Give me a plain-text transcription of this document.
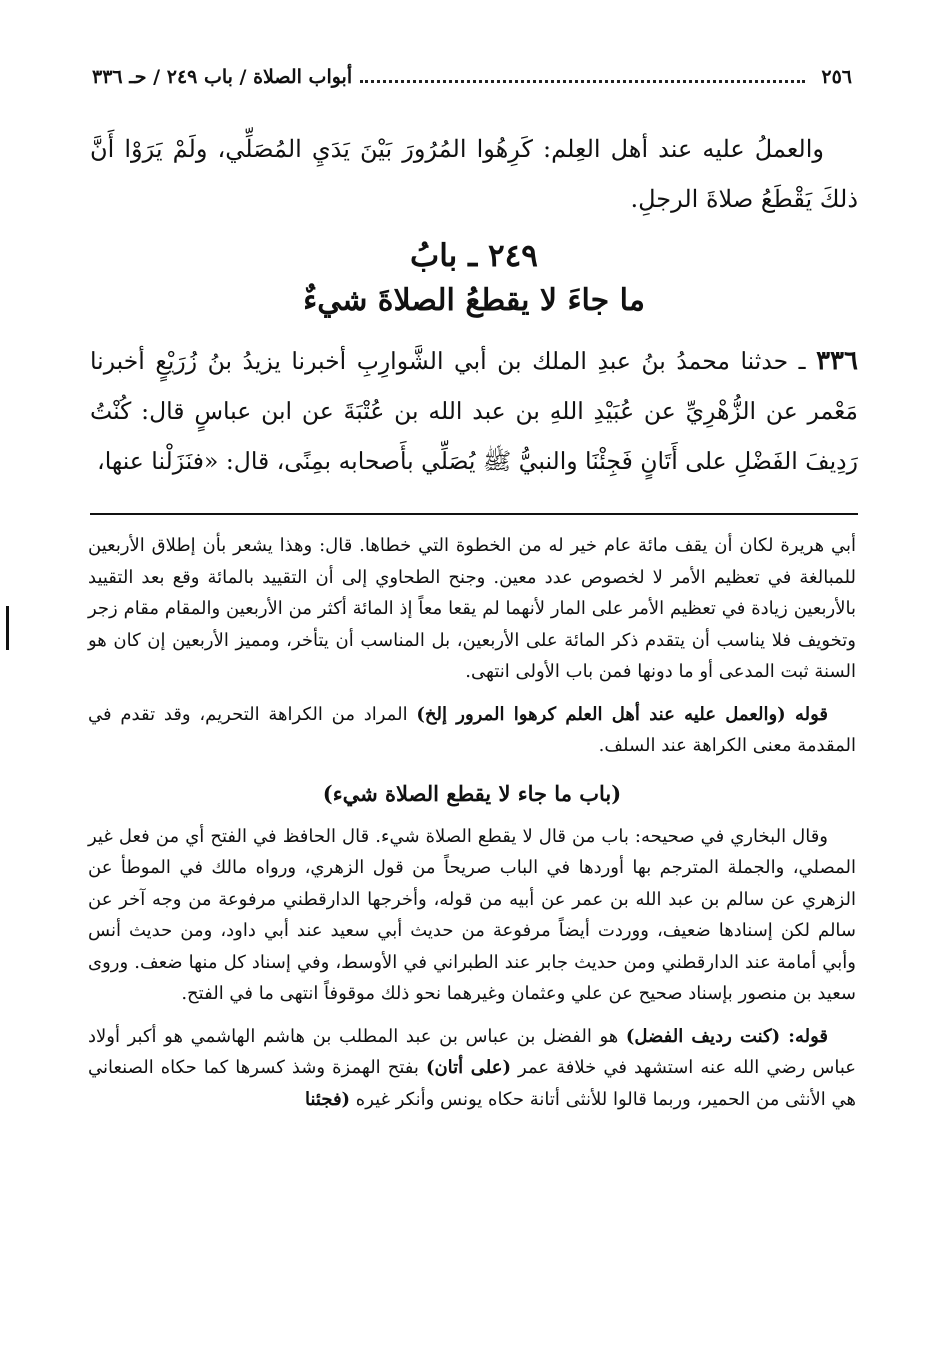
٢٥٦
أبواب الصلاة / باب ٢٤٩ / حـ ٣٣٦

والعملُ عليه عند أهل العِلم: كَرِهُوا المُرُورَ بَيْنَ يَدَيِ المُصَلِّي، ولَمْ يَرَوْا أَنَّ ذلكَ يَقْطَعُ صلاةَ الرجلِ.

٢٤٩ ـ بابُ
ما جاءَ لا يقطعُ الصلاةَ شيءٌ

٣٣٦ ـ حدثنا محمدُ بنُ عبدِ الملك بن أبي الشَّوارِبِ أخبرنا يزيدُ بنُ زُرَيْعٍ أخبرنا مَعْمر عن الزُّهْرِيِّ عن عُبَيْدِ اللهِ بن عبد الله بن عُتْبَةَ عن ابن عباسٍ قال: كُنْتُ رَدِيفَ الفَضْلِ على أَتَانٍ فَجِئْنَا والنبيُّ ﷺ يُصَلِّي بأَصحابه بمِنًى، قال: «فنَزَلْنا عنها،

أبي هريرة لكان أن يقف مائة عام خير له من الخطوة التي خطاها. قال: وهذا يشعر بأن إطلاق الأربعين للمبالغة في تعظيم الأمر لا لخصوص عدد معين. وجنح الطحاوي إلى أن التقييد بالمائة وقع بعد التقييد بالأربعين زيادة في تعظيم الأمر على المار لأنهما لم يقعا معاً إذ المائة أكثر من الأربعين والمقام مقام زجر وتخويف فلا يناسب أن يتقدم ذكر المائة على الأربعين، بل المناسب أن يتأخر، ومميز الأربعين إن كان هو السنة ثبت المدعى أو ما دونها فمن باب الأولى انتهى.

قوله (والعمل عليه عند أهل العلم كرهوا المرور إلخ) المراد من الكراهة التحريم، وقد تقدم في المقدمة معنى الكراهة عند السلف.

(باب ما جاء لا يقطع الصلاة شيء)

وقال البخاري في صحيحه: باب من قال لا يقطع الصلاة شيء. قال الحافظ في الفتح أي من فعل غير المصلي، والجملة المترجم بها أوردها في الباب صريحاً من قول الزهري، ورواه مالك في الموطأ عن الزهري عن سالم بن عبد الله بن عمر عن أبيه من قوله، وأخرجها الدارقطني مرفوعة من وجه آخر عن سالم لكن إسنادها ضعيف، ووردت أيضاً مرفوعة من حديث أبي سعيد عند أبي داود، ومن حديث أنس وأبي أمامة عند الدارقطني ومن حديث جابر عند الطبراني في الأوسط، وفي إسناد كل منها ضعف. وروى سعيد بن منصور بإسناد صحيح عن علي وعثمان وغيرهما نحو ذلك موقوفاً انتهى ما في الفتح.

قوله: (كنت رديف الفضل) هو الفضل بن عباس بن عبد المطلب بن هاشم الهاشمي هو أكبر أولاد عباس رضي الله عنه استشهد في خلافة عمر (على أتان) بفتح الهمزة وشذ كسرها كما حكاه الصنعاني هي الأنثى من الحمير، وربما قالوا للأنثى أتانة حكاه يونس وأنكر غيره (فجئنا
